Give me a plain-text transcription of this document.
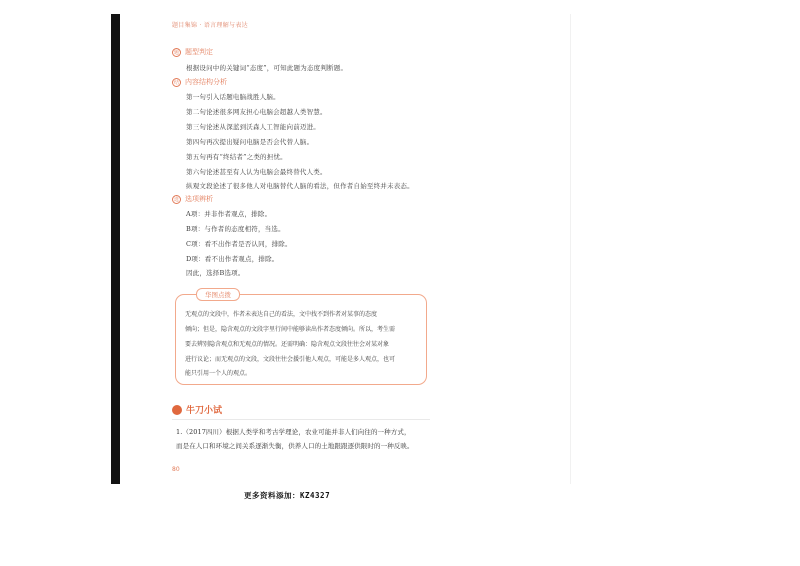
题目集锦 · 语言理解与表达
题 题型判定
根据设问中的关键词“态度”，可知此题为态度判断题。
结 内容结构分析
第一句引入话题电脑战胜人脑。
第二句论述很多网友担心电脑会超越人类智慧。
第三句论述从深蓝到沃森人工智能向前迈进。
第四句再次提出疑问电脑是否会代替人脑。
第五句再有“终结者”之类的担忧。
第六句论述甚至有人认为电脑会最终替代人类。
纵观文段论述了很多他人对电脑替代人脑的看法，但作者自始至终并未表态。
选 选项辨析
A项：并非作者观点，排除。
B项：与作者的态度相符，当选。
C项：看不出作者是否认同，排除。
D项：看不出作者观点，排除。
因此，选择B选项。
华图点拨
无观点的文段中，作者未表达自己的看法，文中找不到作者对某事的态度
倾向；但是，隐含观点的文段字里行间中能够读出作者态度倾向。所以，考生需
要去辨别隐含观点和无观点的情况。还需明确：隐含观点文段往往会对某对象
进行议论；而无观点的文段，文段往往会援引他人观点，可能是多人观点，也可
能只引用一个人的观点。
牛刀小试
1.（2017四川）根据人类学和考古学理论，农业可能并非人们向往的一种方式，
而是在人口和环境之间关系逐渐失衡，供养人口的土地跟跟逐供限时的一种反映。
80
更多资料添加：KZ4327
